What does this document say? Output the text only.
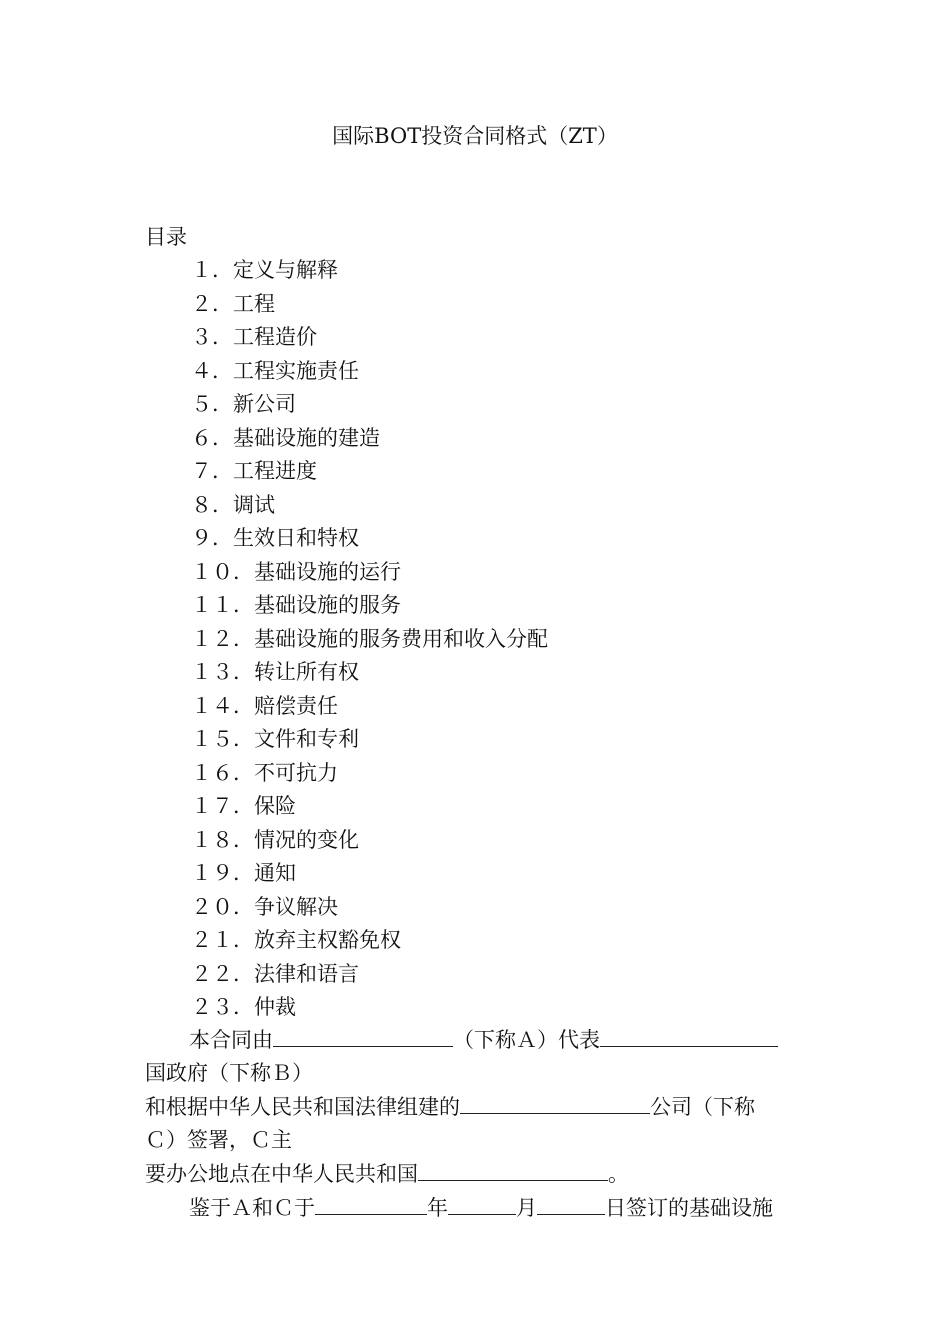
国际BOT投资合同格式（ZT）
目录
１．定义与解释
２．工程
３．工程造价
４．工程实施责任
５．新公司
６．基础设施的建造
７．工程进度
８．调试
９．生效日和特权
１０．基础设施的运行
１１．基础设施的服务
１２．基础设施的服务费用和收入分配
１３．转让所有权
１４．赔偿责任
１５．文件和专利
１６．不可抗力
１７．保险
１８．情况的变化
１９．通知
２０．争议解决
２１．放弃主权豁免权
２２．法律和语言
２３．仲裁
本合同由	（下称Ａ）代表
国政府（下称Ｂ）
和根据中华人民共和国法律组建的	公司（下称
Ｃ）签署，Ｃ主
要办公地点在中华人民共和国	。
鉴于Ａ和Ｃ于	年	月	日签订的基础设施
